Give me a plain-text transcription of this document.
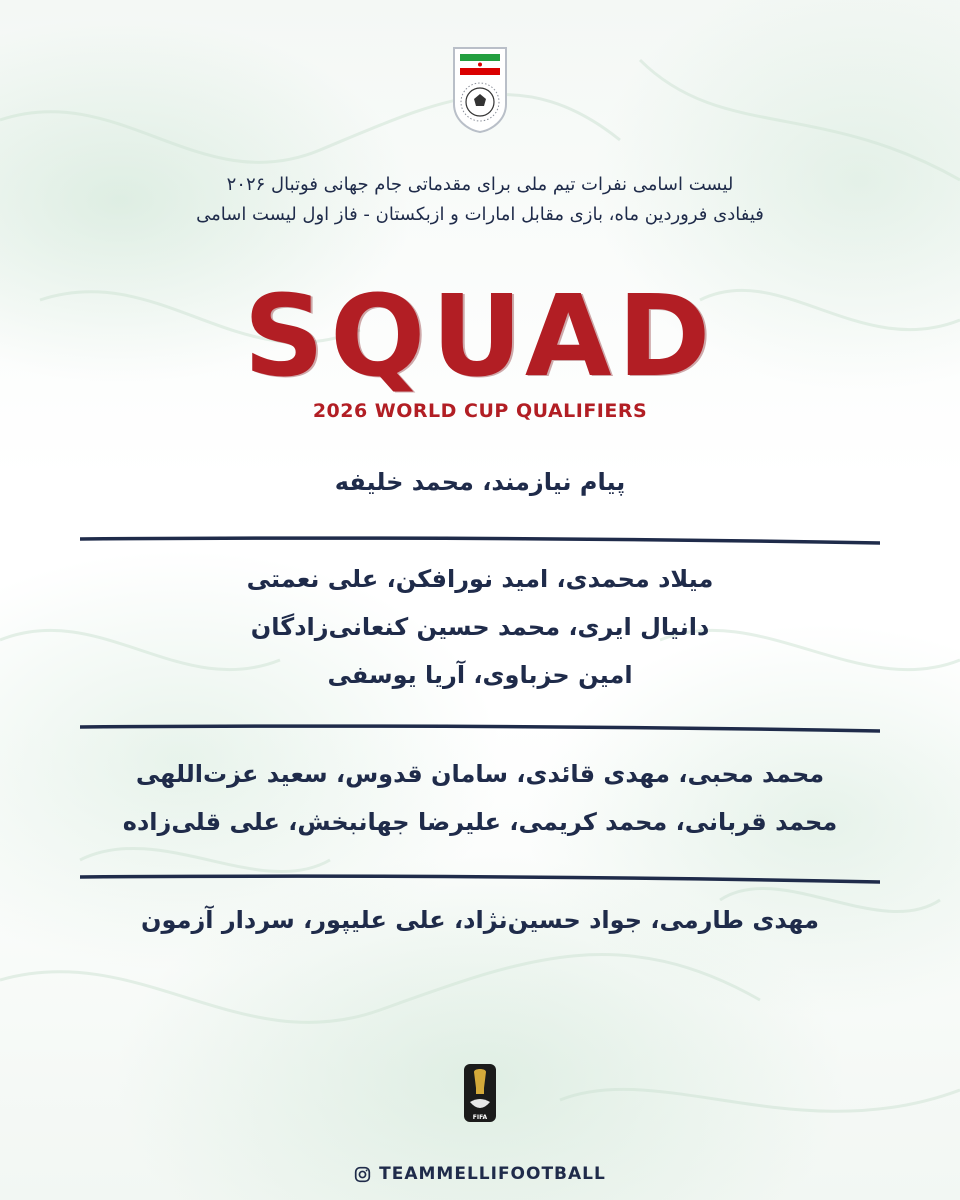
لیست اسامی نفرات تیم ملی برای مقدماتی جام جهانی فوتبال ۲۰۲۶
فیفادی فروردین ماه، بازی مقابل امارات و ازبکستان - فاز اول لیست اسامی
SQUAD
2026 WORLD CUP QUALIFIERS
پیام نیازمند، محمد خلیفه
میلاد محمدی، امید نورافکن، علی نعمتی
دانیال ایری، محمد حسین کنعانی‌زادگان
امین حزباوی، آریا یوسفی
محمد محبی، مهدی قائدی، سامان قدوس، سعید عزت‌اللهی
محمد قربانی، محمد کریمی، علیرضا جهانبخش، علی قلی‌زاده
مهدی طارمی، جواد حسین‌نژاد، علی علیپور، سردار آزمون
FIFA
TEAMMELLIFOOTBALL
